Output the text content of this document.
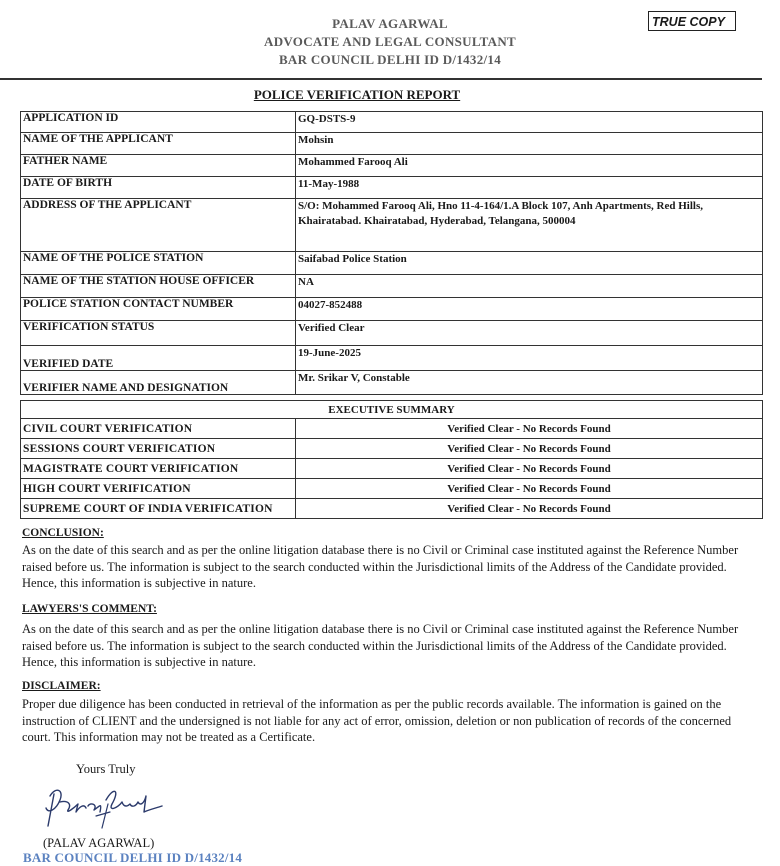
PALAV AGARWAL
ADVOCATE AND LEGAL CONSULTANT
BAR COUNCIL DELHI ID D/1432/14
TRUE COPY
POLICE VERIFICATION REPORT
APPLICATION ID	GQ-DSTS-9
NAME OF THE APPLICANT	Mohsin
FATHER NAME	Mohammed Farooq Ali
DATE OF BIRTH	11-May-1988
ADDRESS OF THE APPLICANT	S/O: Mohammed Farooq Ali, Hno 11-4-164/1.A Block 107, Anh Apartments, Red Hills, Khairatabad. Khairatabad, Hyderabad, Telangana, 500004
NAME OF THE POLICE STATION	Saifabad Police Station
NAME OF THE STATION HOUSE OFFICER	NA
POLICE STATION CONTACT NUMBER	04027-852488
VERIFICATION STATUS	Verified Clear
VERIFIED DATE	19-June-2025
VERIFIER NAME AND DESIGNATION	Mr. Srikar V, Constable
EXECUTIVE SUMMARY	
CIVIL COURT VERIFICATION	Verified Clear - No Records Found
SESSIONS COURT VERIFICATION	Verified Clear - No Records Found
MAGISTRATE COURT VERIFICATION	Verified Clear - No Records Found
HIGH COURT VERIFICATION	Verified Clear - No Records Found
SUPREME COURT OF INDIA VERIFICATION	Verified Clear - No Records Found
CONCLUSION:
As on the date of this search and as per the online litigation database there is no Civil or Criminal case instituted against the Reference Number raised before us. The information is subject to the search conducted within the Jurisdictional limits of the Address of the Candidate provided. Hence, this information is subjective in nature.
LAWYERS'S COMMENT:
As on the date of this search and as per the online litigation database there is no Civil or Criminal case instituted against the Reference Number raised before us. The information is subject to the search conducted within the Jurisdictional limits of the Address of the Candidate provided. Hence, this information is subjective in nature.
DISCLAIMER:
Proper due diligence has been conducted in retrieval of the information as per the public records available. The information is gained on the instruction of CLIENT and the undersigned is not liable for any act of error, omission, deletion or non publication of records of the concerned court. This information may not be treated as a Certificate.
Yours Truly
(PALAV AGARWAL)
BAR COUNCIL DELHI ID D/1432/14
